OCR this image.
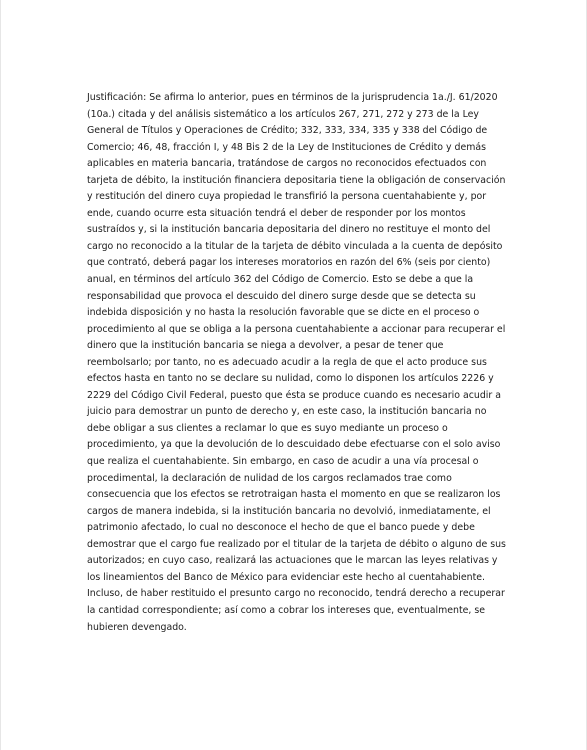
Justificación: Se afirma lo anterior, pues en términos de la jurisprudencia 1a./J. 61/2020 (10a.) citada y del análisis sistemático a los artículos 267, 271, 272 y 273 de la Ley General de Títulos y Operaciones de Crédito; 332, 333, 334, 335 y 338 del Código de Comercio; 46, 48, fracción I, y 48 Bis 2 de la Ley de Instituciones de Crédito y demás aplicables en materia bancaria, tratándose de cargos no reconocidos efectuados con tarjeta de débito, la institución financiera depositaria tiene la obligación de conservación y restitución del dinero cuya propiedad le transfirió la persona cuentahabiente y, por ende, cuando ocurre esta situación tendrá el deber de responder por los montos sustraídos y, si la institución bancaria depositaria del dinero no restituye el monto del cargo no reconocido a la titular de la tarjeta de débito vinculada a la cuenta de depósito que contrató, deberá pagar los intereses moratorios en razón del 6% (seis por ciento) anual, en términos del artículo 362 del Código de Comercio. Esto se debe a que la responsabilidad que provoca el descuido del dinero surge desde que se detecta su indebida disposición y no hasta la resolución favorable que se dicte en el proceso o procedimiento al que se obliga a la persona cuentahabiente a accionar para recuperar el dinero que la institución bancaria se niega a devolver, a pesar de tener que reembolsarlo; por tanto, no es adecuado acudir a la regla de que el acto produce sus efectos hasta en tanto no se declare su nulidad, como lo disponen los artículos 2226 y 2229 del Código Civil Federal, puesto que ésta se produce cuando es necesario acudir a juicio para demostrar un punto de derecho y, en este caso, la institución bancaria no debe obligar a sus clientes a reclamar lo que es suyo mediante un proceso o procedimiento, ya que la devolución de lo descuidado debe efectuarse con el solo aviso que realiza el cuentahabiente. Sin embargo, en caso de acudir a una vía procesal o procedimental, la declaración de nulidad de los cargos reclamados trae como consecuencia que los efectos se retrotraigan hasta el momento en que se realizaron los cargos de manera indebida, si la institución bancaria no devolvió, inmediatamente, el patrimonio afectado, lo cual no desconoce el hecho de que el banco puede y debe demostrar que el cargo fue realizado por el titular de la tarjeta de débito o alguno de sus autorizados; en cuyo caso, realizará las actuaciones que le marcan las leyes relativas y los lineamientos del Banco de México para evidenciar este hecho al cuentahabiente. Incluso, de haber restituido el presunto cargo no reconocido, tendrá derecho a recuperar la cantidad correspondiente; así como a cobrar los intereses que, eventualmente, se hubieren devengado.
